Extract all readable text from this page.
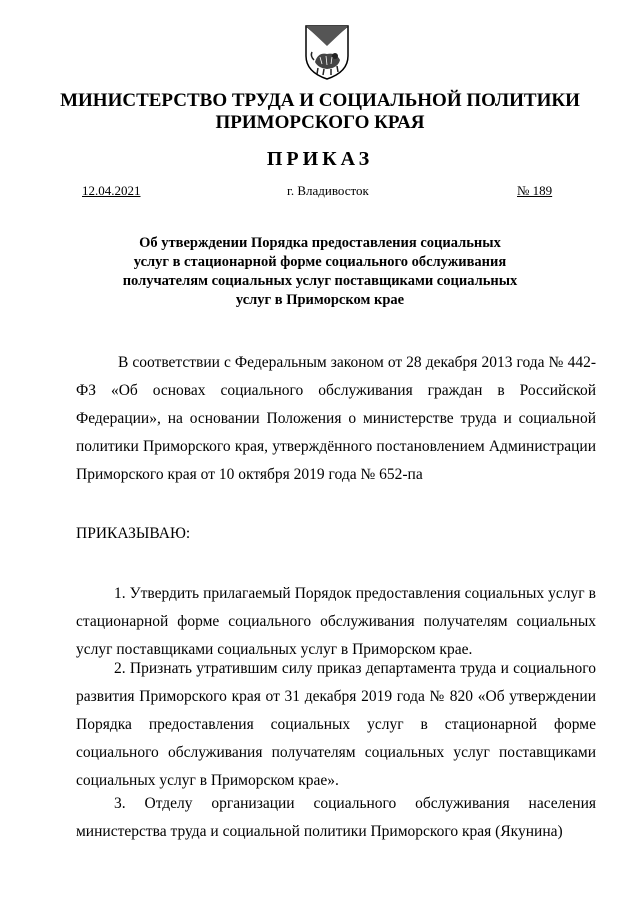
МИНИСТЕРСТВО ТРУДА И СОЦИАЛЬНОЙ ПОЛИТИКИ
ПРИМОРСКОГО КРАЯ
ПРИКАЗ
12.04.2021	г. Владивосток	№ 189
Об утверждении Порядка предоставления социальных
услуг в стационарной форме социального обслуживания
получателям социальных услуг поставщиками социальных
услуг в Приморском крае
В соответствии с Федеральным законом от 28 декабря 2013 года № 442-ФЗ «Об основах социального обслуживания граждан в Российской Федерации», на основании Положения о министерстве труда и социальной политики Приморского края, утверждённого постановлением Администрации Приморского края от 10 октября 2019 года № 652-па
ПРИКАЗЫВАЮ:
1. Утвердить прилагаемый Порядок предоставления социальных услуг в стационарной форме социального обслуживания получателям социальных услуг поставщиками социальных услуг в Приморском крае.
2. Признать утратившим силу приказ департамента труда и социального развития Приморского края от 31 декабря 2019 года № 820 «Об утверждении Порядка предоставления социальных услуг в стационарной форме социального обслуживания получателям социальных услуг поставщиками социальных услуг в Приморском крае».
3. Отделу организации социального обслуживания населения министерства труда и социальной политики Приморского края (Якунина)
